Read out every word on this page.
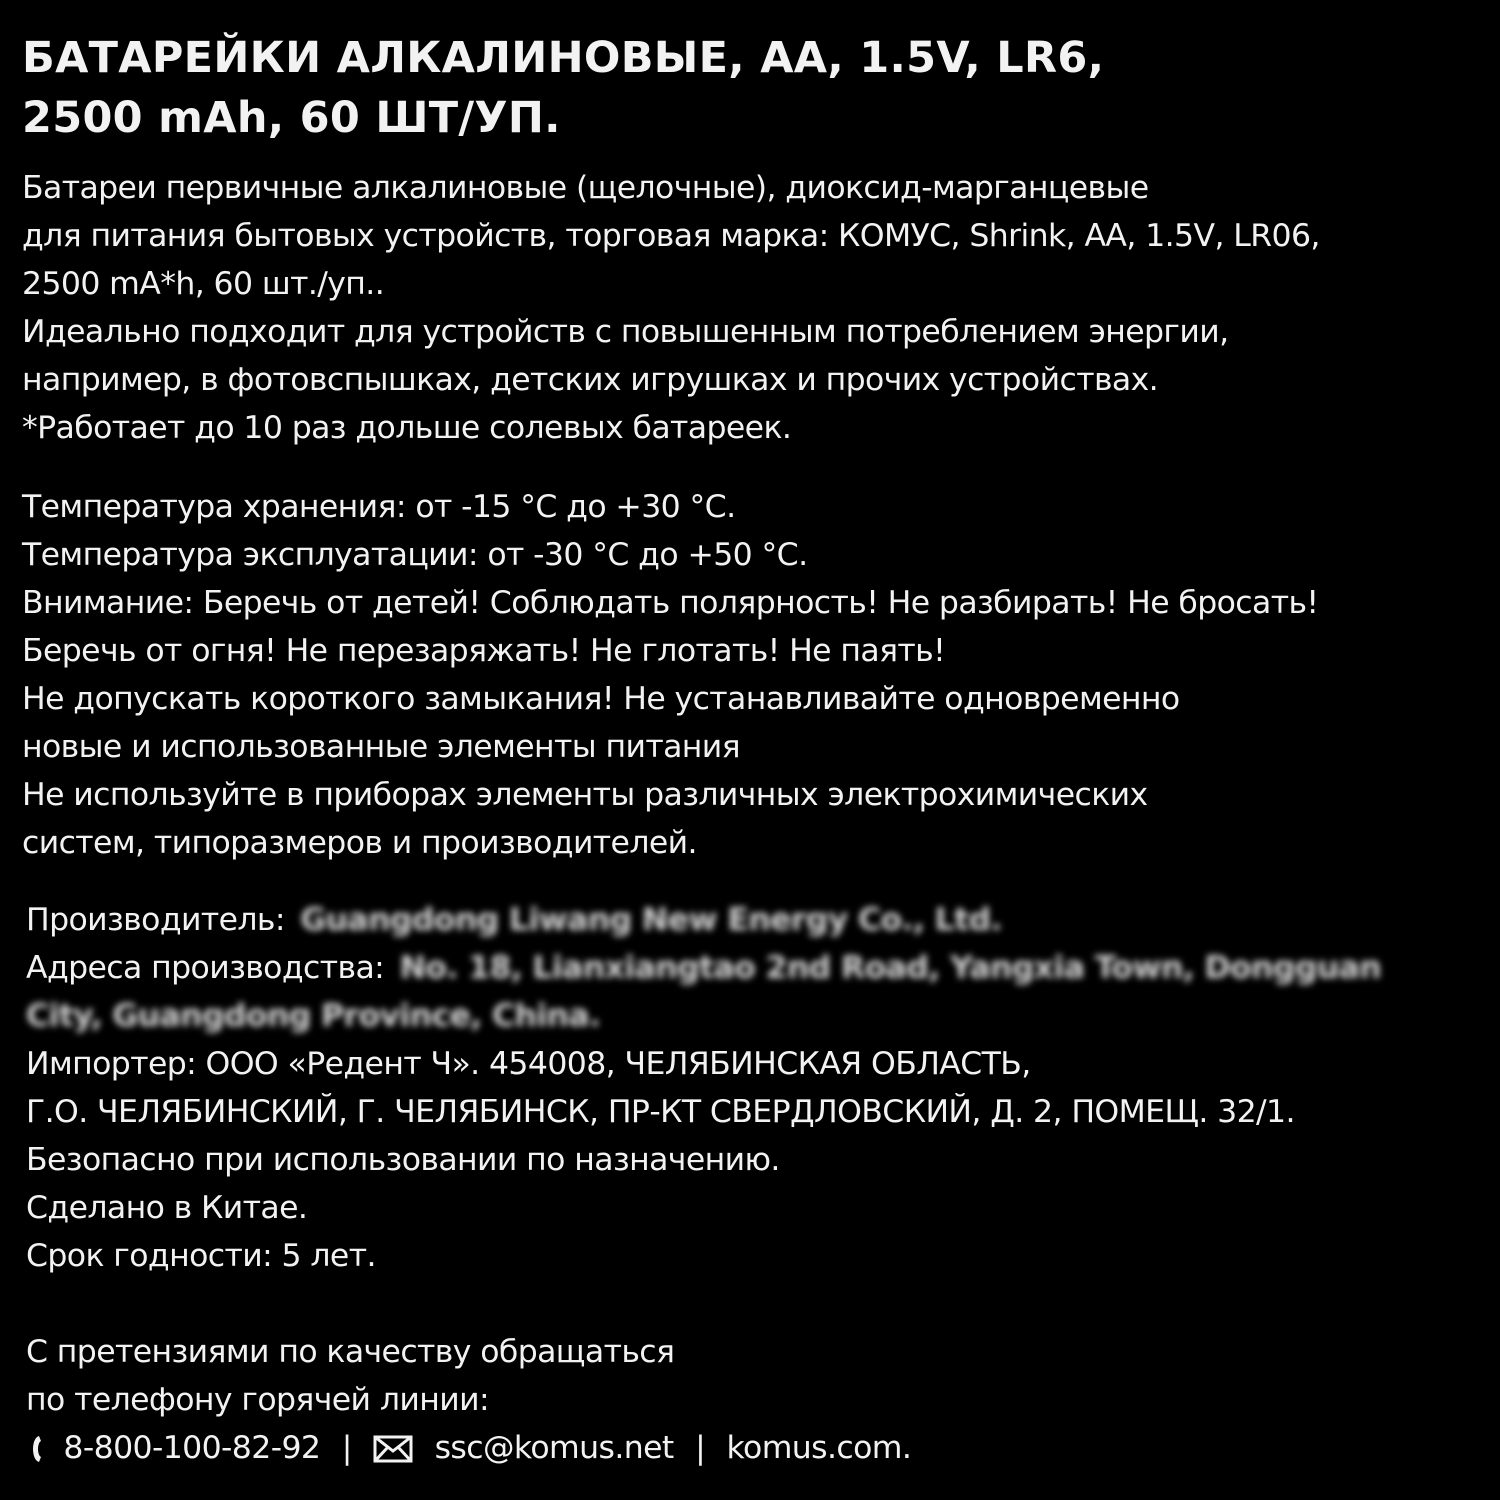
БАТАРЕЙКИ АЛКАЛИНОВЫЕ, АА, 1.5V, LR6,
2500 mAh, 60 ШТ/УП.
Батареи первичные алкалиновые (щелочные), диоксид-марганцевые
для питания бытовых устройств, торговая марка: КОМУС, Shrink, АА, 1.5V, LR06,
2500 mA*h, 60 шт./уп..
Идеально подходит для устройств с повышенным потреблением энергии,
например, в фотовспышках, детских игрушках и прочих устройствах.
*Работает до 10 раз дольше солевых батареек.
Температура хранения: от -15 °С до +30 °С.
Температура эксплуатации: от -30 °С до +50 °С.
Внимание: Беречь от детей! Соблюдать полярность! Не разбирать! Не бросать!
Беречь от огня! Не перезаряжать! Не глотать! Не паять!
Не допускать короткого замыкания! Не устанавливайте одновременно
новые и использованные элементы питания
Не используйте в приборах элементы различных электрохимических
систем, типоразмеров и производителей.
Производитель: Guangdong Liwang New Energy Co., Ltd.
Адреса производства: No. 18, Lianxiangtao 2nd Road, Yangxia Town, Dongguan
City, Guangdong Province, China.
Импортер: ООО «Редент Ч». 454008, ЧЕЛЯБИНСКАЯ ОБЛАСТЬ,
Г.О. ЧЕЛЯБИНСКИЙ, Г. ЧЕЛЯБИНСК, ПР-КТ СВЕРДЛОВСКИЙ, Д. 2, ПОМЕЩ. 32/1.
Безопасно при использовании по назначению.
Сделано в Китае.
Срок годности: 5 лет.
С претензиями по качеству обращаться
по телефону горячей линии:
8-800-100-82-92 |	ssc@komus.net | komus.com.
